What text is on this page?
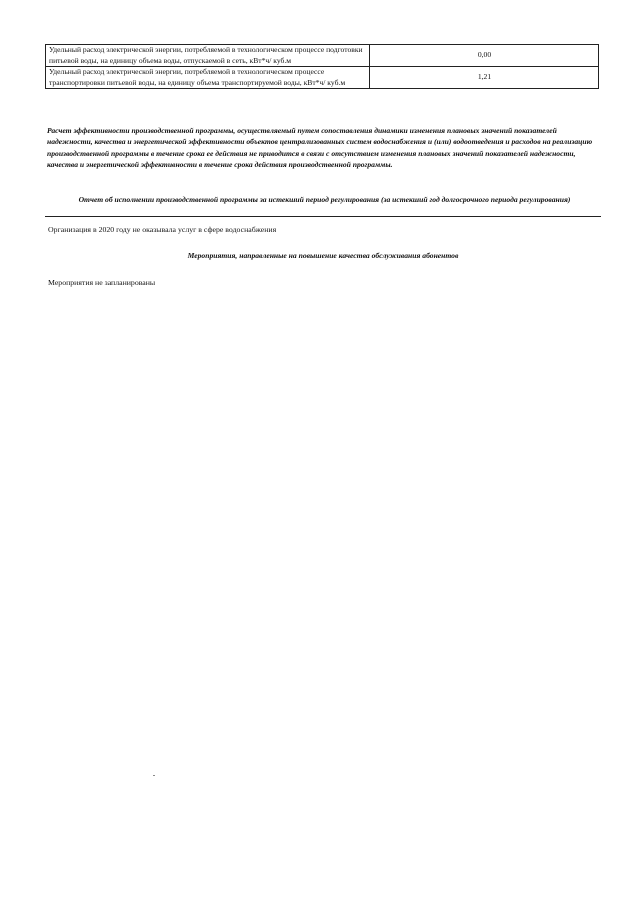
Удельный расход электрической энергии, потребляемой в технологическом процессе подготовки питьевой воды, на единицу объема воды, отпускаемой в сеть, кВт*ч/ куб.м	0,00
Удельный расход электрической энергии, потребляемой в технологическом процессе транспортировки питьевой воды, на единицу объема транспортируемой воды, кВт*ч/ куб.м	1,21

Расчет эффективности производственной программы, осуществляемый путем сопоставления динамики изменения плановых значений показателей надежности, качества и энергетической эффективности объектов централизованных систем водоснабжения и (или) водоотведения и расходов на реализацию производственной программы в течение срока ее действия не приводится в связи с отсутствием изменения плановых значений показателей надежности, качества и энергетической эффективности в течение срока действия производственной программы.

Отчет об исполнении производственной программы за истекший период регулирования (за истекший год долгосрочного периода регулирования)

Организация в 2020 году не оказывала услуг в сфере водоснабжения

Мероприятия, направленные на повышение качества обслуживания абонентов

Мероприятия не запланированы
